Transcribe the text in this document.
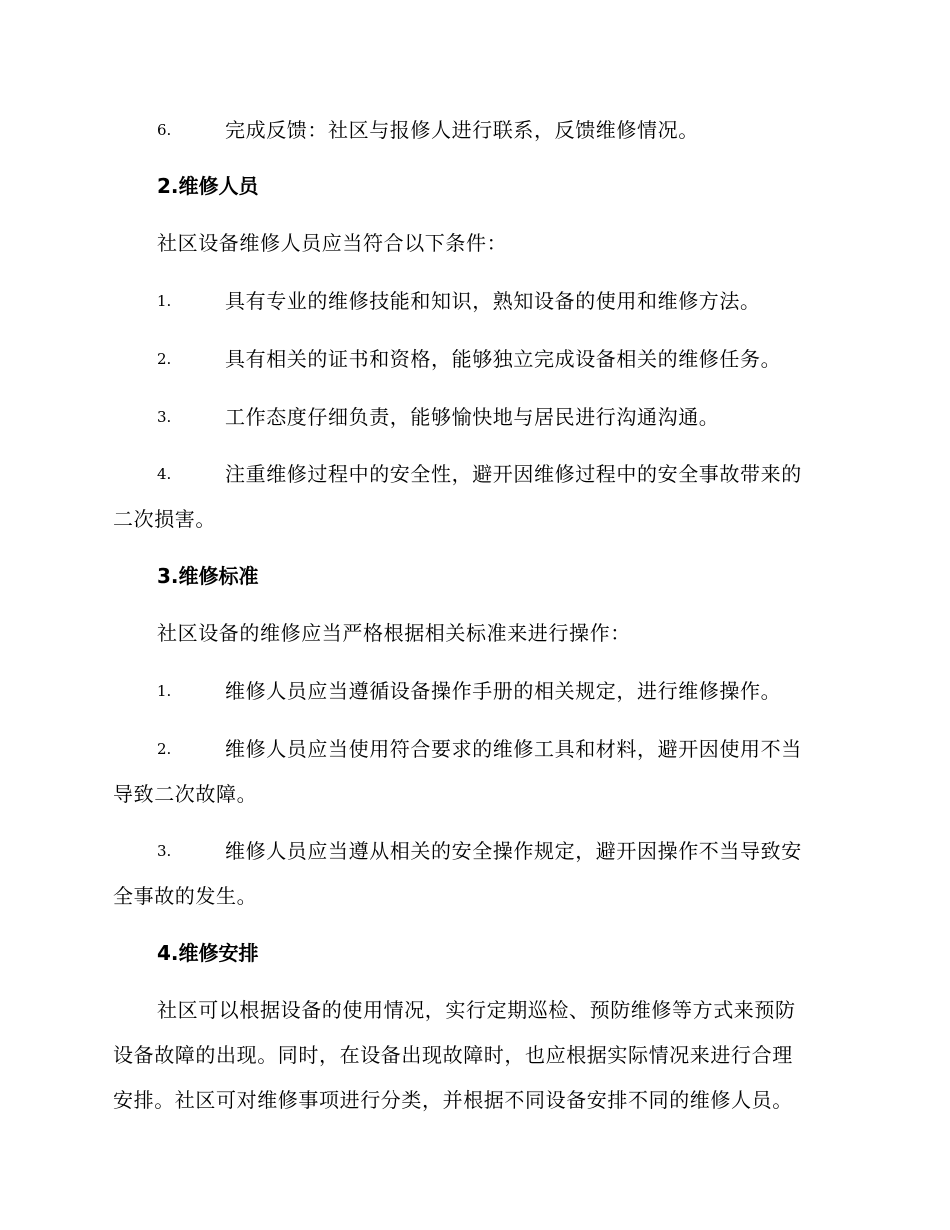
6.	完成反馈：社区与报修人进行联系，反馈维修情况。
2.维修人员
社区设备维修人员应当符合以下条件：
1.	具有专业的维修技能和知识，熟知设备的使用和维修方法。
2.	具有相关的证书和资格，能够独立完成设备相关的维修任务。
3.	工作态度仔细负责，能够愉快地与居民进行沟通沟通。
4.	注重维修过程中的安全性，避开因维修过程中的安全事故带来的
二次损害。
3.维修标准
社区设备的维修应当严格根据相关标准来进行操作：
1.	维修人员应当遵循设备操作手册的相关规定，进行维修操作。
2.	维修人员应当使用符合要求的维修工具和材料，避开因使用不当
导致二次故障。
3.	维修人员应当遵从相关的安全操作规定，避开因操作不当导致安
全事故的发生。
4.维修安排
社区可以根据设备的使用情况，实行定期巡检、预防维修等方式来预防
设备故障的出现。同时，在设备出现故障时，也应根据实际情况来进行合理
安排。社区可对维修事项进行分类，并根据不同设备安排不同的维修人员。
